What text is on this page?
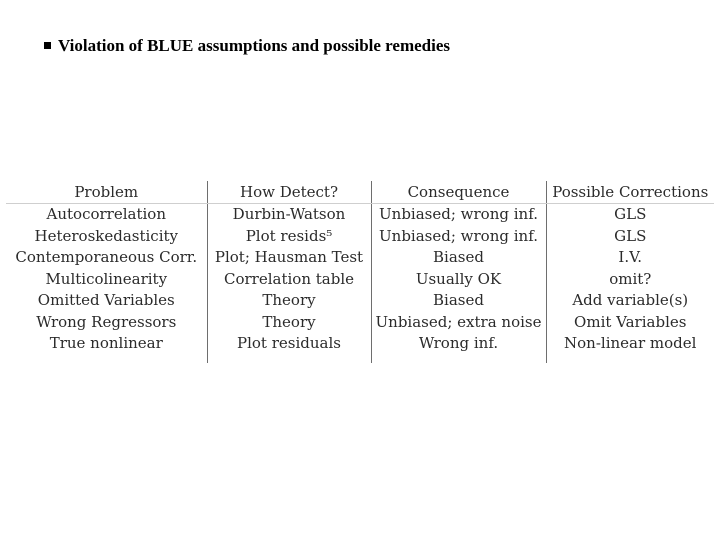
Violation of BLUE assumptions and possible remedies
Problem	How Detect?	Consequence	Possible Corrections
Autocorrelation	Durbin-Watson	Unbiased; wrong inf.	GLS
Heteroskedasticity	Plot resids⁵	Unbiased; wrong inf.	GLS
Contemporaneous Corr.	Plot; Hausman Test	Biased	I.V.
Multicolinearity	Correlation table	Usually OK	omit?
Omitted Variables	Theory	Biased	Add variable(s)
Wrong Regressors	Theory	Unbiased; extra noise	Omit Variables
True nonlinear	Plot residuals	Wrong inf.	Non-linear model
